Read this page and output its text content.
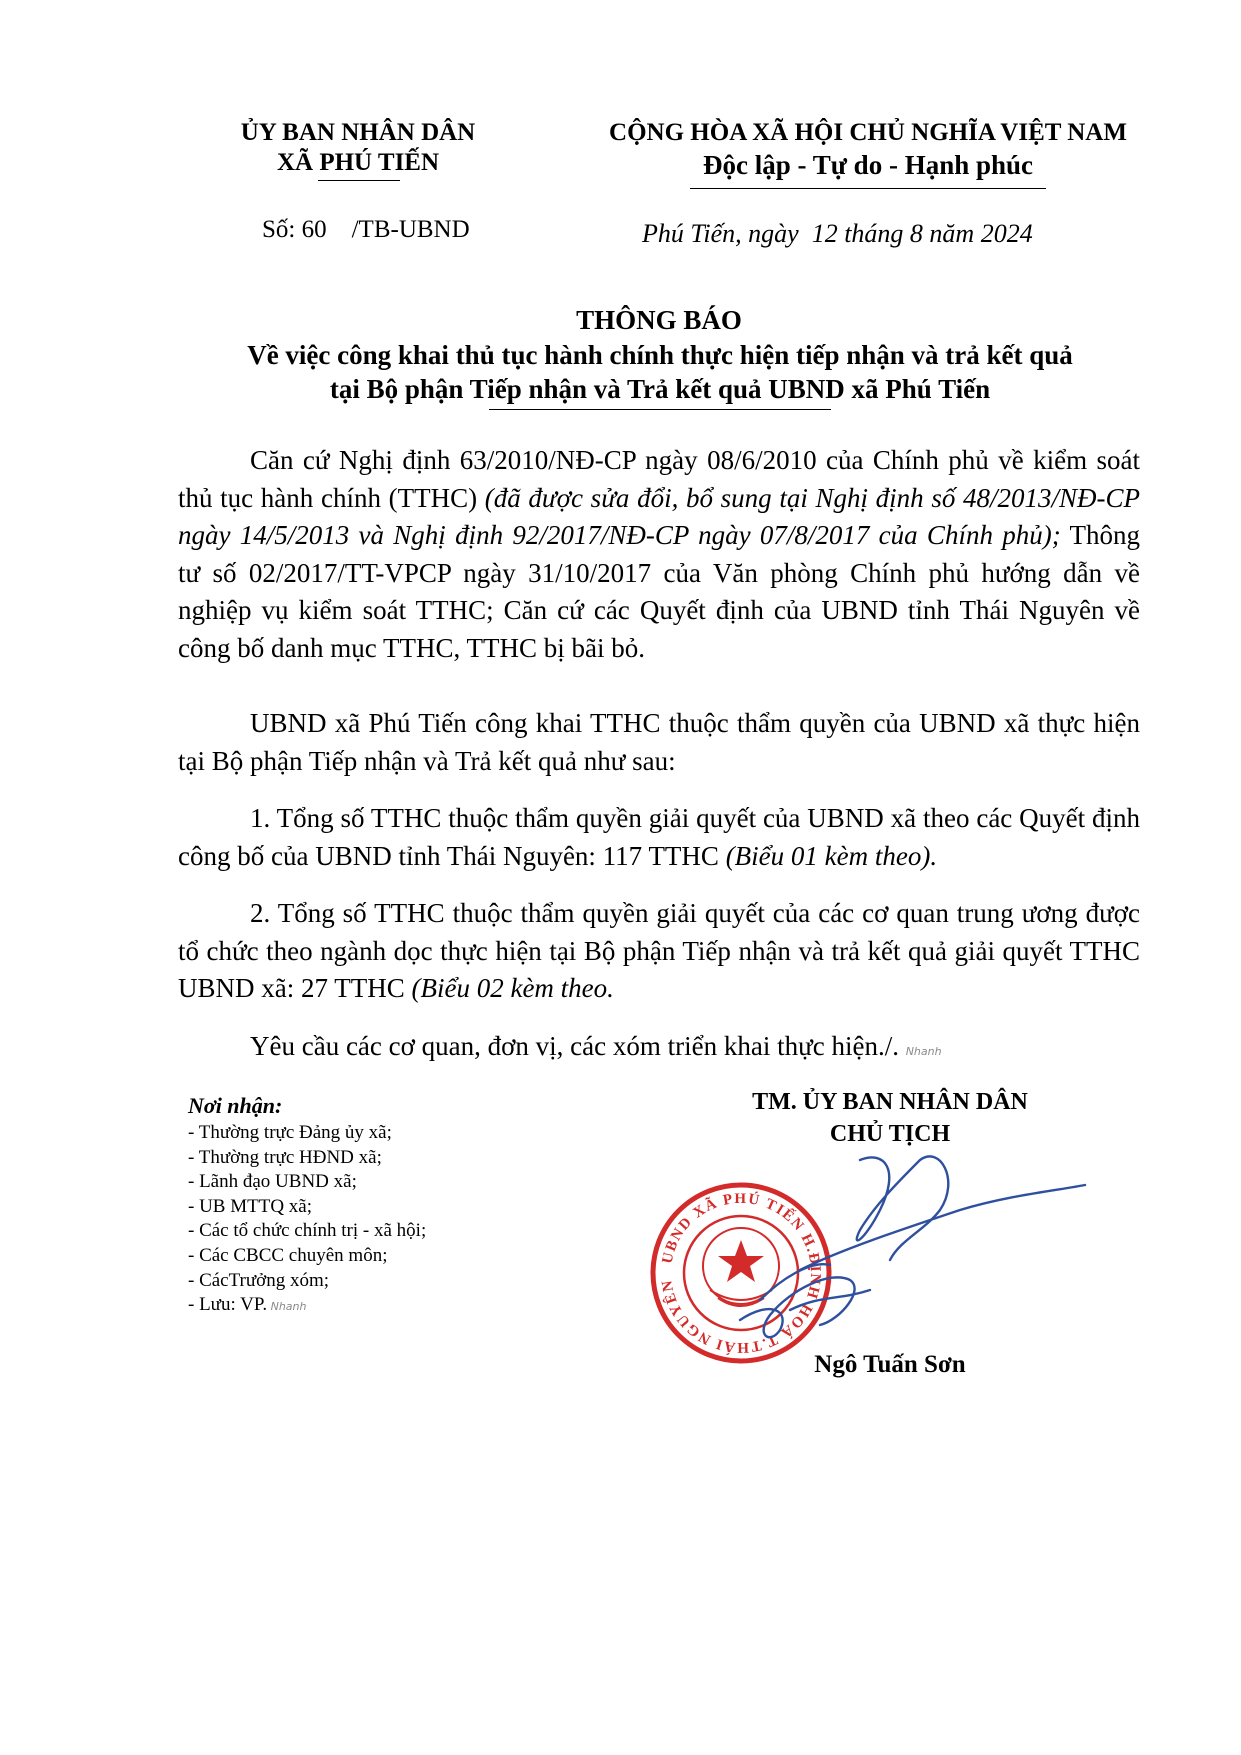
ỦY BAN NHÂN DÂN
XÃ PHÚ TIẾN
CỘNG HÒA XÃ HỘI CHỦ NGHĨA VIỆT NAM
Độc lập - Tự do - Hạnh phúc
Số: 60    /TB-UBND	Phú Tiến, ngày  12 tháng 8 năm 2024
THÔNG BÁO
Về việc công khai thủ tục hành chính thực hiện tiếp nhận và trả kết quả
tại Bộ phận Tiếp nhận và Trả kết quả UBND xã Phú Tiến

Căn cứ Nghị định 63/2010/NĐ-CP ngày 08/6/2010 của Chính phủ về kiểm soát thủ tục hành chính (TTHC) (đã được sửa đổi, bổ sung tại Nghị định số 48/2013/NĐ-CP ngày 14/5/2013 và Nghị định 92/2017/NĐ-CP ngày 07/8/2017 của Chính phủ); Thông tư số 02/2017/TT-VPCP ngày 31/10/2017 của Văn phòng Chính phủ hướng dẫn về nghiệp vụ kiểm soát TTHC; Căn cứ các Quyết định của UBND tỉnh Thái Nguyên về công bố danh mục TTHC, TTHC bị bãi bỏ.

UBND xã Phú Tiến công khai TTHC thuộc thẩm quyền của UBND xã thực hiện tại Bộ phận Tiếp nhận và Trả kết quả như sau:

1. Tổng số TTHC thuộc thẩm quyền giải quyết của UBND xã theo các Quyết định công bố của UBND tỉnh Thái Nguyên: 117 TTHC (Biểu 01 kèm theo).

2. Tổng số TTHC thuộc thẩm quyền giải quyết của các cơ quan trung ương được tổ chức theo ngành dọc thực hiện tại Bộ phận Tiếp nhận và trả kết quả giải quyết TTHC UBND xã: 27 TTHC (Biểu 02 kèm theo.

Yêu cầu các cơ quan, đơn vị, các xóm triển khai thực hiện./. Nhanh

Nơi nhận:
- Thường trực Đảng ủy xã;
- Thường trực HĐND xã;
- Lãnh đạo UBND xã;
- UB MTTQ xã;
- Các tổ chức chính trị - xã hội;
- Các CBCC chuyên môn;
- CácTrưởng xóm;
- Lưu: VP. Nhanh
TM. ỦY BAN NHÂN DÂN
CHỦ TỊCH
UBND XÃ PHÚ TIẾN H.ĐỊNH HOÁ T.THÁI NGUYÊN
Ngô Tuấn Sơn
